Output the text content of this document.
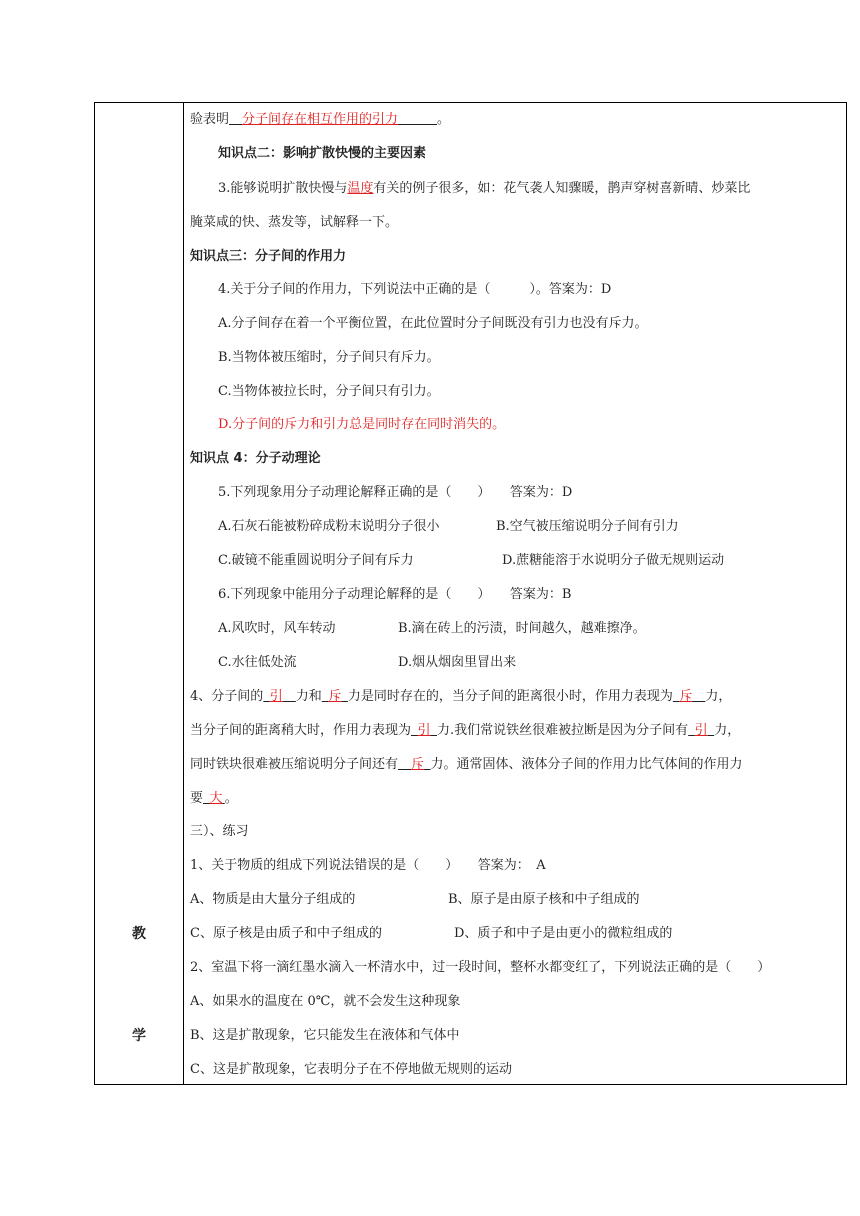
教
学
验表明  分子间存在相互作用的引力   	。
知识点二：影响扩散快慢的主要因素
3.能够说明扩散快慢与温度有关的例子很多，如：花气袭人知骤暖，鹊声穿树喜新晴、炒菜比
腌菜咸的快、蒸发等，试解释一下。
知识点三：分子间的作用力
4.关于分子间的作用力，下列说法中正确的是（　　　）。答案为：D
A.分子间存在着一个平衡位置，在此位置时分子间既没有引力也没有斥力。
B.当物体被压缩时，分子间只有斥力。
C.当物体被拉长时，分子间只有引力。
D.分子间的斥力和引力总是同时存在同时消失的。
知识点 4：分子动理论
5.下列现象用分子动理论解释正确的是（　　）　　答案为：D
A.石灰石能被粉碎成粉末说明分子很小	B.空气被压缩说明分子间有引力
C.破镜不能重圆说明分子间有斥力	D.蔗糖能溶于水说明分子做无规则运动
6.下列现象中能用分子动理论解释的是（　　）　　答案为：B
A.风吹时，风车转动	B.滴在砖上的污渍，时间越久，越难擦净。
C.水往低处流	D.烟从烟囱里冒出来
4、分子间的  引  力和  斥  力是同时存在的，当分子间的距离很小时，作用力表现为  斥  力，
当分子间的距离稍大时，作用力表现为  引  力.我们常说铁丝很难被拉断是因为分子间有  引  力，
同时铁块很难被压缩说明分子间还有  斥  力。通常固体、液体分子间的作用力比气体间的作用力
要  大  。
三）、练习
1、关于物质的组成下列说法错误的是（　　）　　答案为：　A
A、物质是由大量分子组成的	B、原子是由原子核和中子组成的
C、原子核是由质子和中子组成的	D、质子和中子是由更小的微粒组成的
2、室温下将一滴红墨水滴入一杯清水中，过一段时间，整杯水都变红了，下列说法正确的是（　　）
A、如果水的温度在 0℃，就不会发生这种现象
B、这是扩散现象，它只能发生在液体和气体中
C、这是扩散现象，它表明分子在不停地做无规则的运动
